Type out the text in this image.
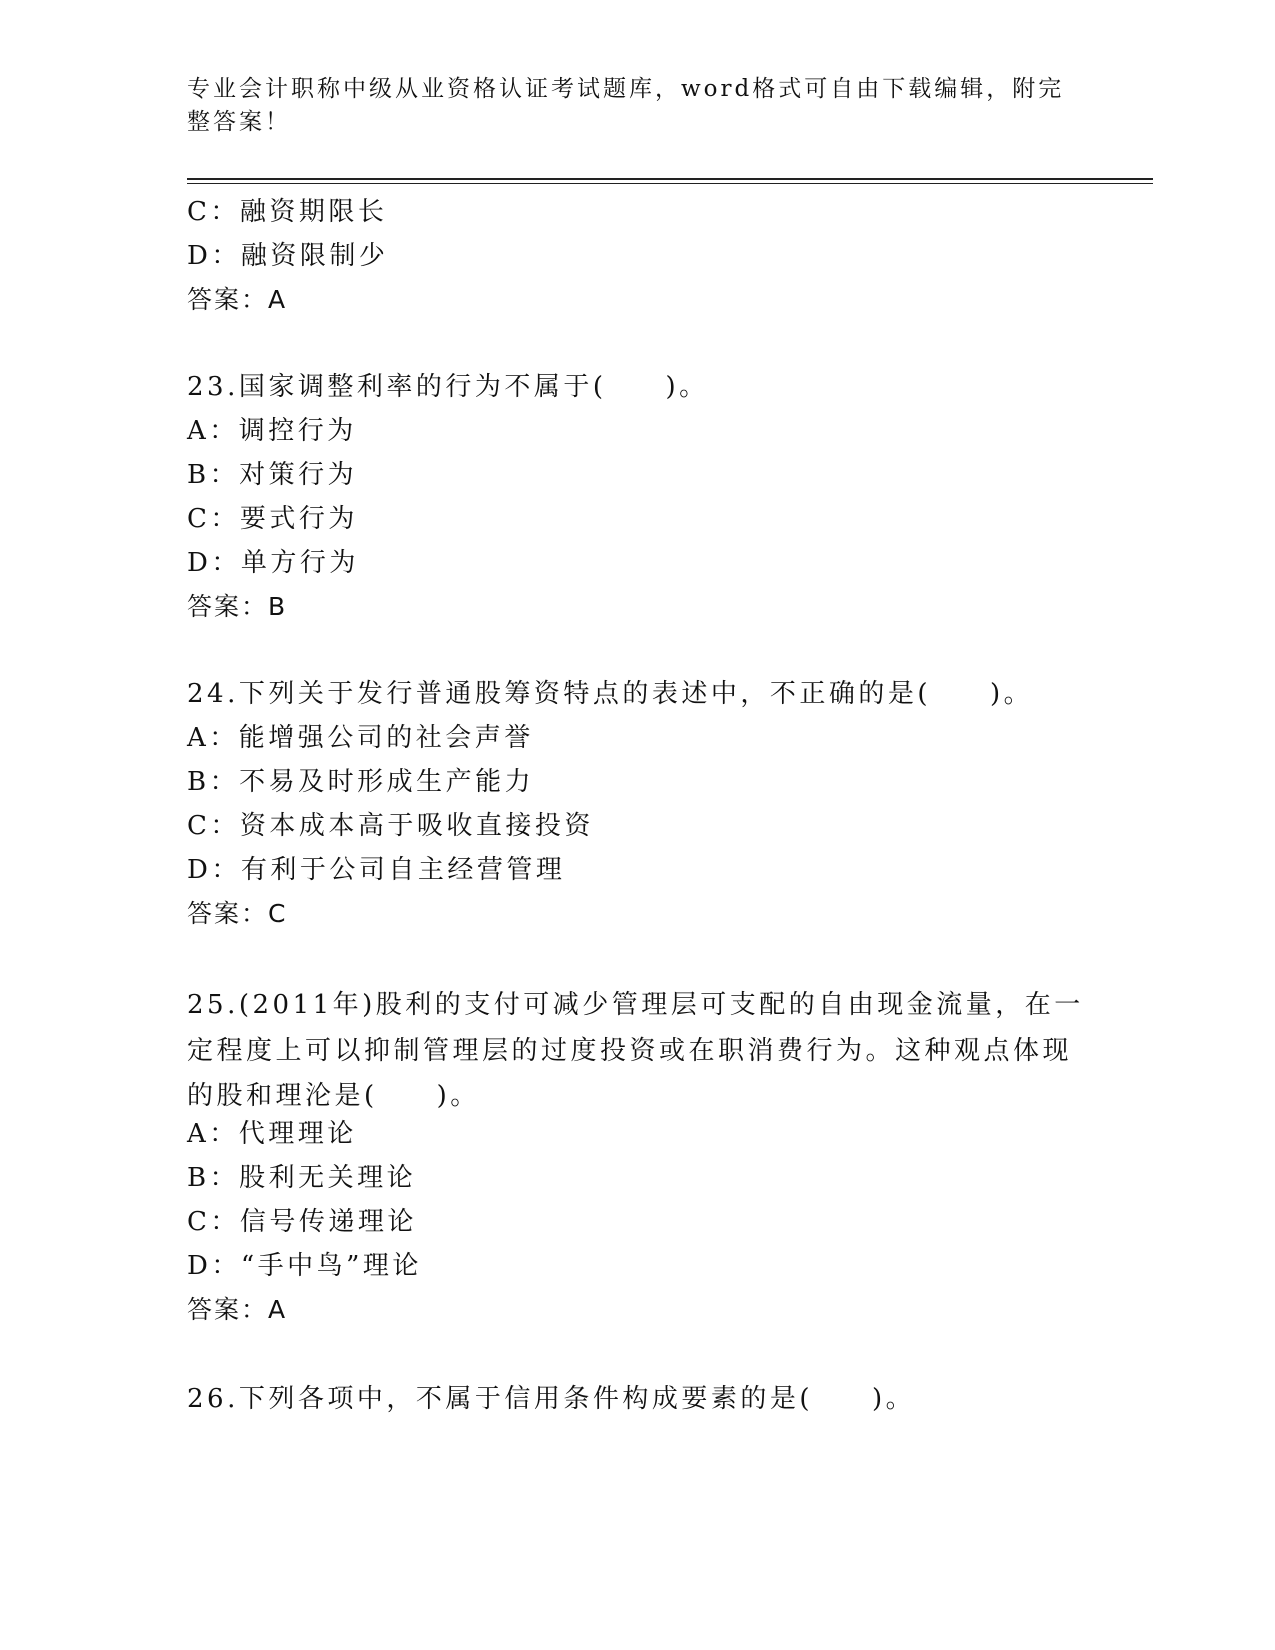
专业会计职称中级从业资格认证考试题库，word格式可自由下载编辑，附完整答案！
C：融资期限长
D：融资限制少
答案：A
23.国家调整利率的行为不属于(　　)。
A：调控行为
B：对策行为
C：要式行为
D：单方行为
答案：B
24.下列关于发行普通股筹资特点的表述中，不正确的是(　　)。
A：能增强公司的社会声誉
B：不易及时形成生产能力
C：资本成本高于吸收直接投资
D：有利于公司自主经营管理
答案：C
25.(2011年)股利的支付可减少管理层可支配的自由现金流量，在一定程度上可以抑制管理层的过度投资或在职消费行为。这种观点体现的股和理沦是(　　)。
A：代理理论
B：股利无关理论
C：信号传递理论
D：“手中鸟”理论
答案：A
26.下列各项中，不属于信用条件构成要素的是(　　)。
